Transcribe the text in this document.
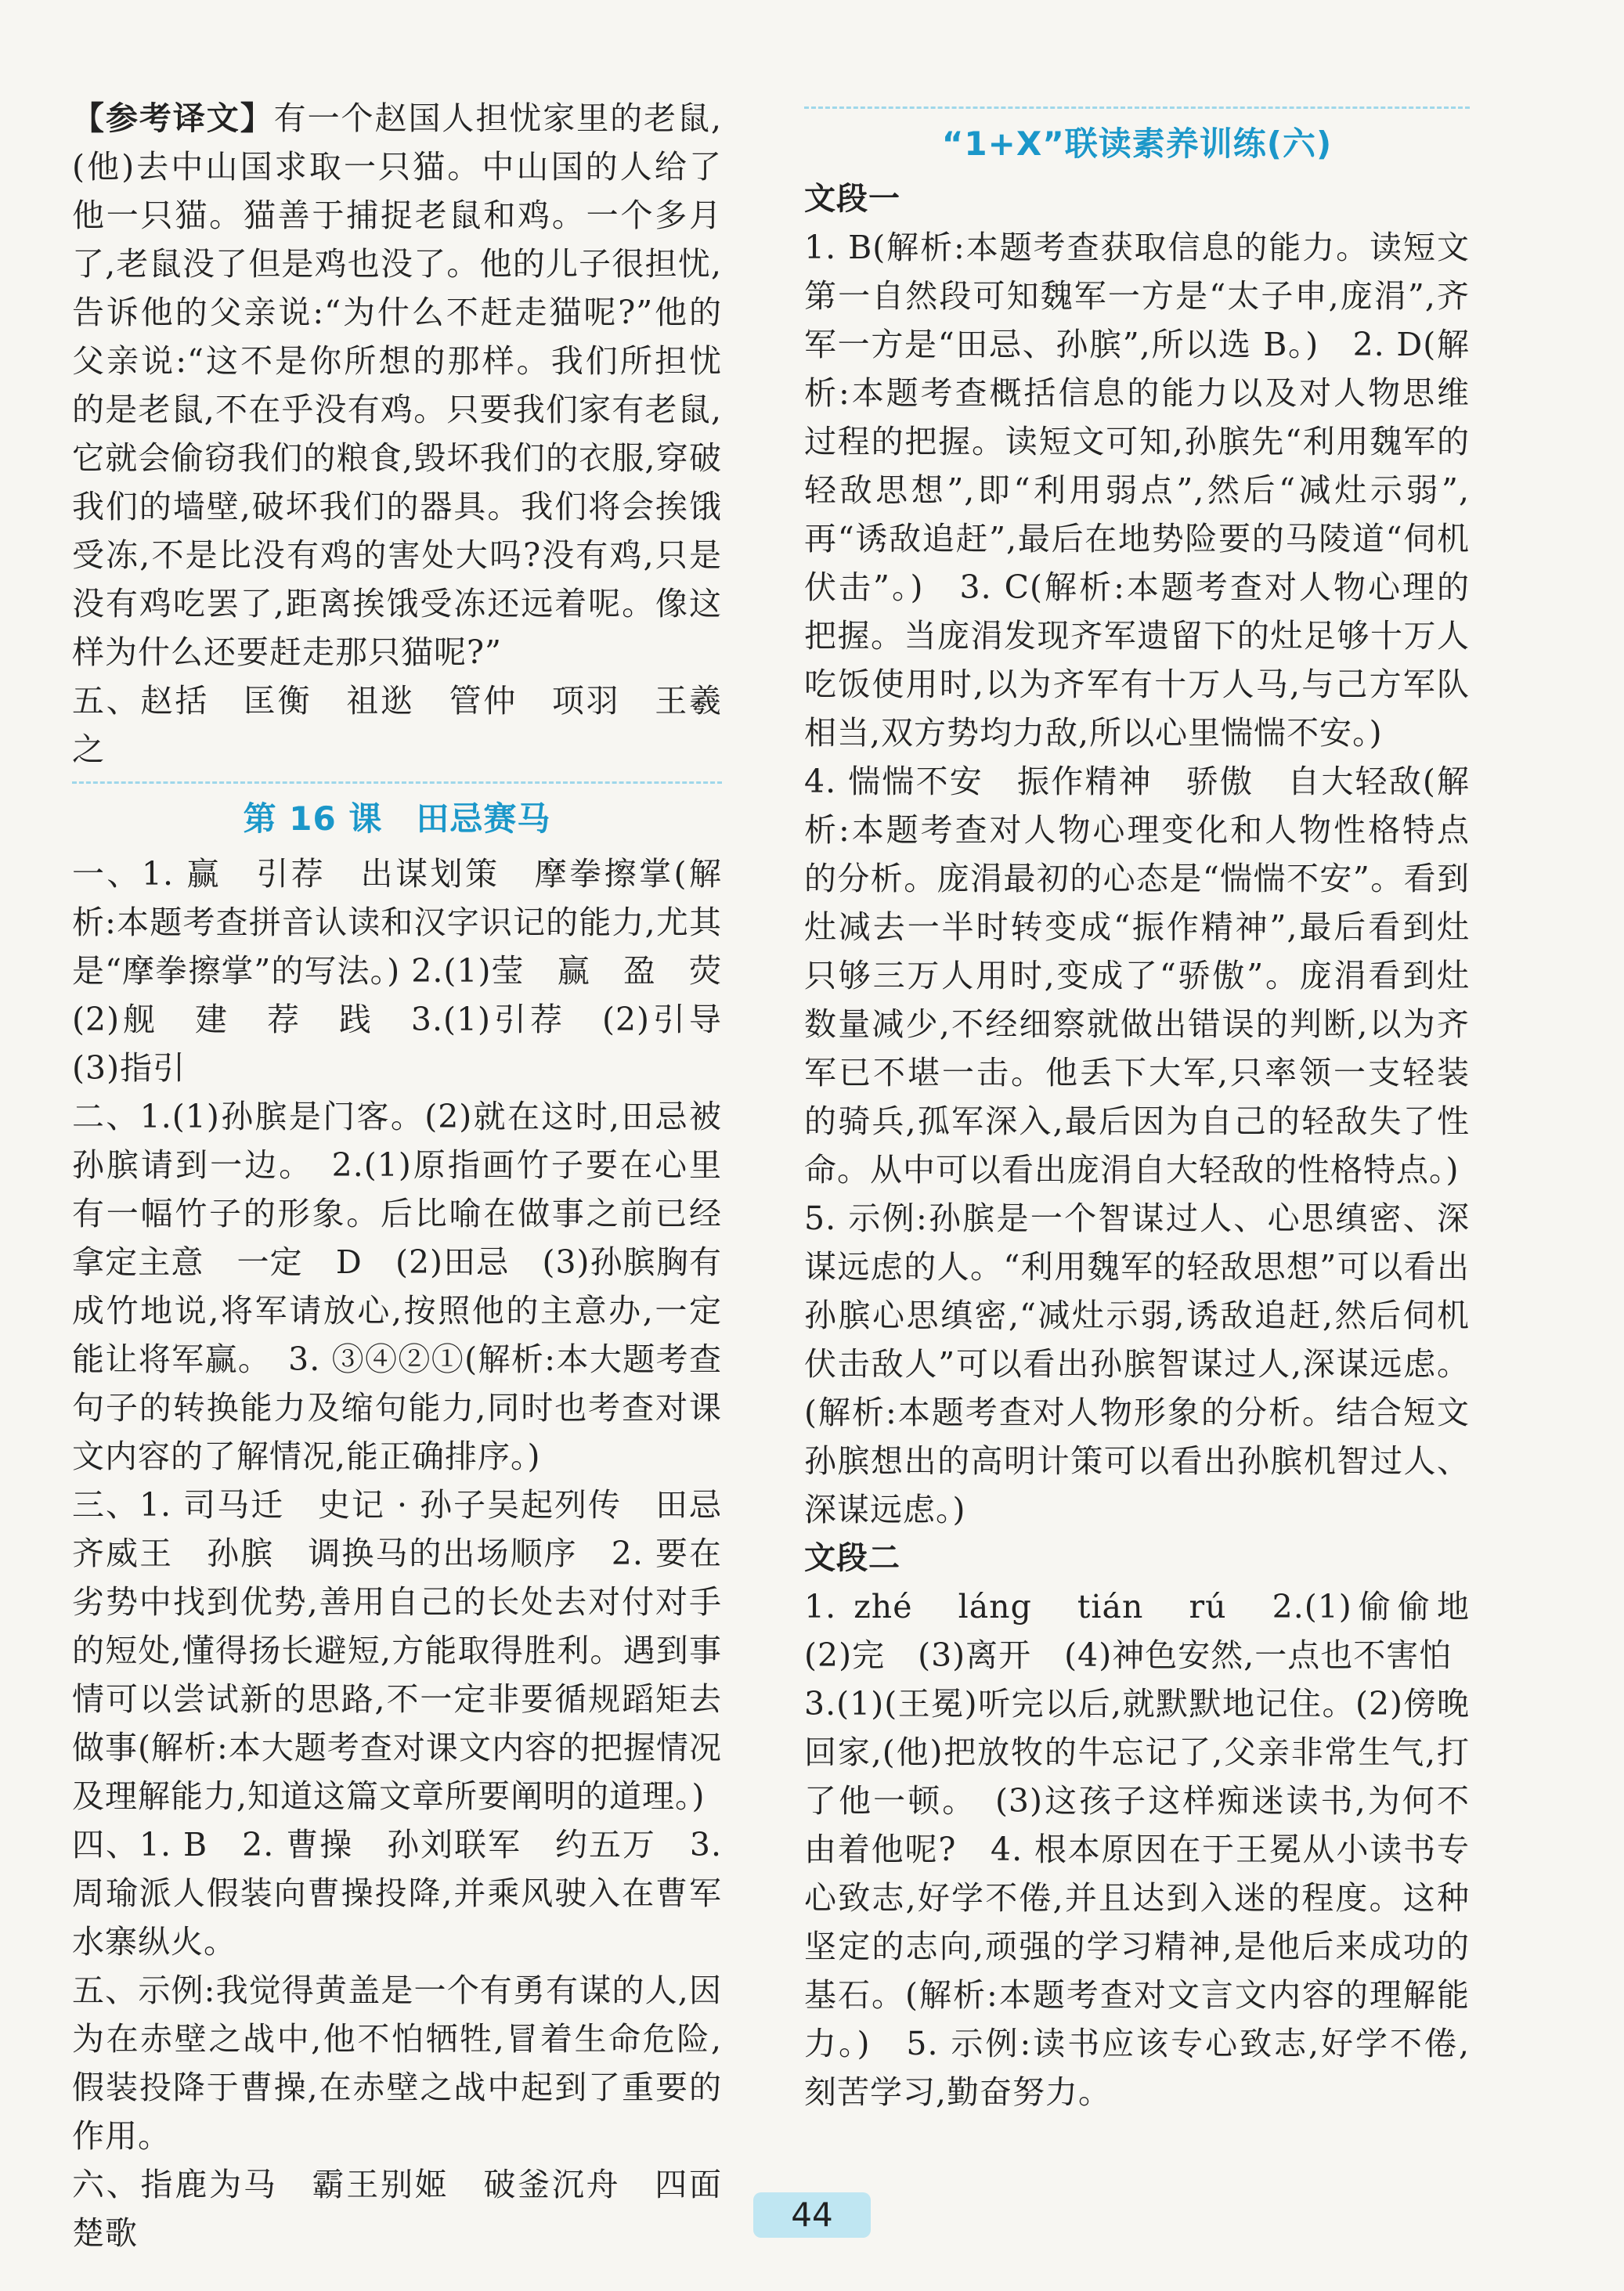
【参考译文】有一个赵国人担忧家里的老鼠,(他)去中山国求取一只猫。中山国的人给了他一只猫。猫善于捕捉老鼠和鸡。一个多月了,老鼠没了但是鸡也没了。他的儿子很担忧,告诉他的父亲说:“为什么不赶走猫呢?”他的父亲说:“这不是你所想的那样。我们所担忧的是老鼠,不在乎没有鸡。只要我们家有老鼠,它就会偷窃我们的粮食,毁坏我们的衣服,穿破我们的墙壁,破坏我们的器具。我们将会挨饿受冻,不是比没有鸡的害处大吗?没有鸡,只是没有鸡吃罢了,距离挨饿受冻还远着呢。像这样为什么还要赶走那只猫呢?”

五、赵括　匡衡　祖逖　管仲　项羽　王羲之

第 16 课　田忌赛马

一、1. 赢　引荐　出谋划策　摩拳擦掌(解析:本题考查拼音认读和汉字识记的能力,尤其是“摩拳擦掌”的写法。) 2.(1)莹　赢　盈　荧　(2)舰　建　荐　践　3.(1)引荐　(2)引导　(3)指引

二、1.(1)孙膑是门客。(2)就在这时,田忌被孙膑请到一边。　2.(1)原指画竹子要在心里有一幅竹子的形象。后比喻在做事之前已经拿定主意　一定　D　(2)田忌　(3)孙膑胸有成竹地说,将军请放心,按照他的主意办,一定能让将军赢。　3. ③④②①(解析:本大题考查句子的转换能力及缩句能力,同时也考查对课文内容的了解情况,能正确排序。)

三、1. 司马迁　史记 · 孙子吴起列传　田忌　齐威王　孙膑　调换马的出场顺序　2. 要在劣势中找到优势,善用自己的长处去对付对手的短处,懂得扬长避短,方能取得胜利。遇到事情可以尝试新的思路,不一定非要循规蹈矩去做事(解析:本大题考查对课文内容的把握情况及理解能力,知道这篇文章所要阐明的道理。)

四、1. B　2. 曹操　孙刘联军　约五万　3. 周瑜派人假装向曹操投降,并乘风驶入在曹军水寨纵火。

五、示例:我觉得黄盖是一个有勇有谋的人,因为在赤壁之战中,他不怕牺牲,冒着生命危险,假装投降于曹操,在赤壁之战中起到了重要的作用。

六、指鹿为马　霸王别姬　破釜沉舟　四面楚歌

“1+X”联读素养训练(六)
文段一

1. B(解析:本题考查获取信息的能力。读短文第一自然段可知魏军一方是“太子申,庞涓”,齐军一方是“田忌、孙膑”,所以选 B。)　2. D(解析:本题考查概括信息的能力以及对人物思维过程的把握。读短文可知,孙膑先“利用魏军的轻敌思想”,即“利用弱点”,然后“减灶示弱”,再“诱敌追赶”,最后在地势险要的马陵道“伺机伏击”。)　3. C(解析:本题考查对人物心理的把握。当庞涓发现齐军遗留下的灶足够十万人吃饭使用时,以为齐军有十万人马,与己方军队相当,双方势均力敌,所以心里惴惴不安。)

4. 惴惴不安　振作精神　骄傲　自大轻敌(解析:本题考查对人物心理变化和人物性格特点的分析。庞涓最初的心态是“惴惴不安”。看到灶减去一半时转变成“振作精神”,最后看到灶只够三万人用时,变成了“骄傲”。庞涓看到灶数量减少,不经细察就做出错误的判断,以为齐军已不堪一击。他丢下大军,只率领一支轻装的骑兵,孤军深入,最后因为自己的轻敌失了性命。从中可以看出庞涓自大轻敌的性格特点。)

5. 示例:孙膑是一个智谋过人、心思缜密、深谋远虑的人。“利用魏军的轻敌思想”可以看出孙膑心思缜密,“减灶示弱,诱敌追赶,然后伺机伏击敌人”可以看出孙膑智谋过人,深谋远虑。(解析:本题考查对人物形象的分析。结合短文孙膑想出的高明计策可以看出孙膑机智过人、深谋远虑。)

文段二

1. zhé　láng　tián　rú　2.(1)偷偷地　(2)完　(3)离开　(4)神色安然,一点也不害怕

3.(1)(王冕)听完以后,就默默地记住。(2)傍晚回家,(他)把放牧的牛忘记了,父亲非常生气,打了他一顿。　(3)这孩子这样痴迷读书,为何不由着他呢?　4. 根本原因在于王冕从小读书专心致志,好学不倦,并且达到入迷的程度。这种坚定的志向,顽强的学习精神,是他后来成功的基石。(解析:本题考查对文言文内容的理解能力。)　5. 示例:读书应该专心致志,好学不倦,刻苦学习,勤奋努力。

44
